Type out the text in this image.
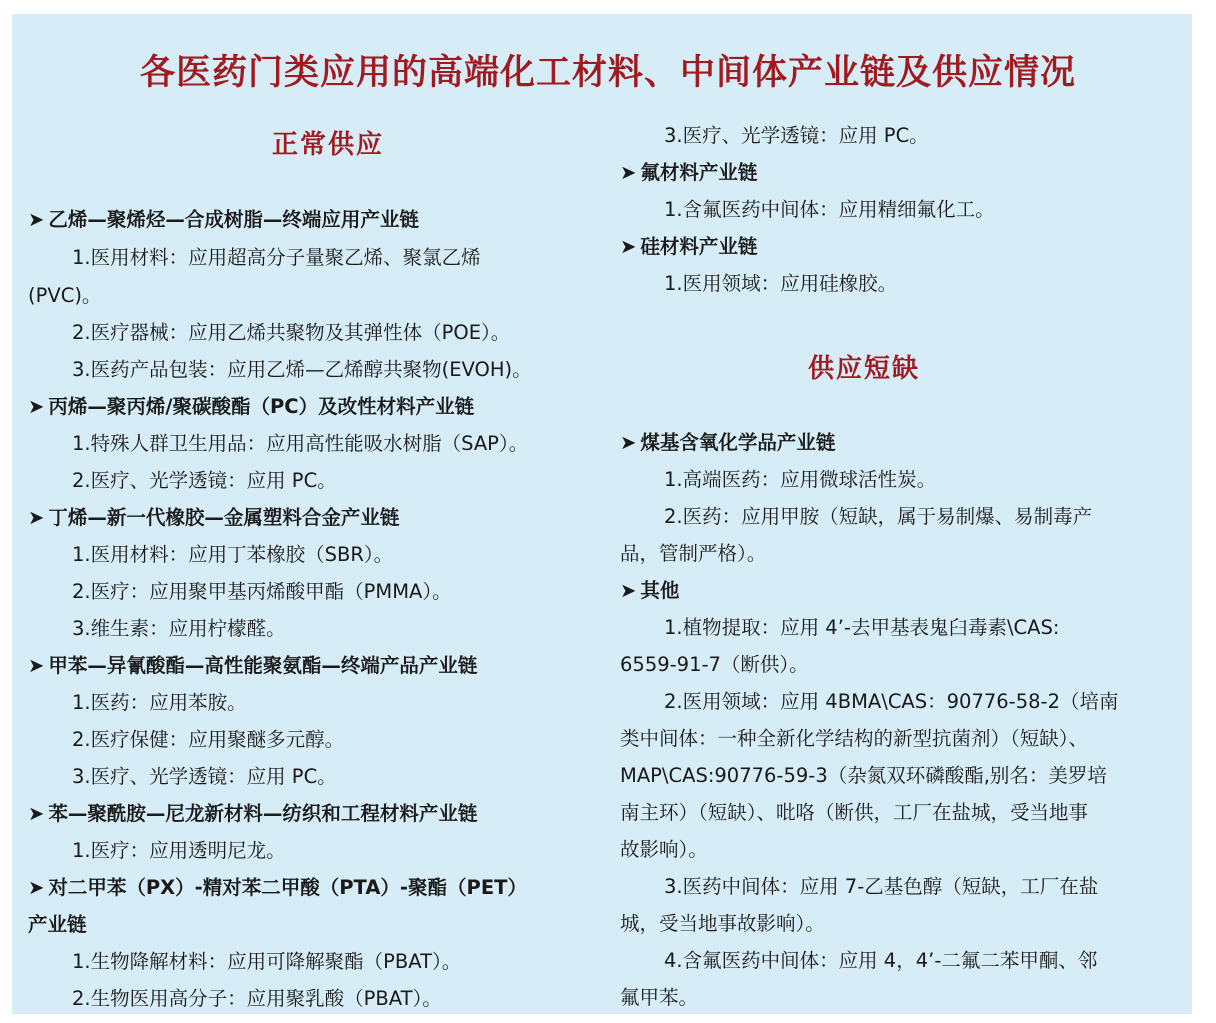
各医药门类应用的高端化工材料、中间体产业链及供应情况
正常供应
➤ 乙烯—聚烯烃—合成树脂—终端应用产业链
1.医用材料：应用超高分子量聚乙烯、聚氯乙烯
(PVC)。
2.医疗器械：应用乙烯共聚物及其弹性体（POE）。
3.医药产品包装：应用乙烯—乙烯醇共聚物(EVOH)。
➤ 丙烯—聚丙烯/聚碳酸酯（PC）及改性材料产业链
1.特殊人群卫生用品：应用高性能吸水树脂（SAP）。
2.医疗、光学透镜：应用 PC。
➤ 丁烯—新一代橡胶—金属塑料合金产业链
1.医用材料：应用丁苯橡胶（SBR）。
2.医疗：应用聚甲基丙烯酸甲酯（PMMA）。
3.维生素：应用柠檬醛。
➤ 甲苯—异氰酸酯—高性能聚氨酯—终端产品产业链
1.医药：应用苯胺。
2.医疗保健：应用聚醚多元醇。
3.医疗、光学透镜：应用 PC。
➤ 苯—聚酰胺—尼龙新材料—纺织和工程材料产业链
1.医疗：应用透明尼龙。
➤ 对二甲苯（PX）-精对苯二甲酸（PTA）-聚酯（PET）
产业链
1.生物降解材料：应用可降解聚酯（PBAT）。
2.生物医用高分子：应用聚乳酸（PBAT）。
3.医疗、光学透镜：应用 PC。
➤ 氟材料产业链
1.含氟医药中间体：应用精细氟化工。
➤ 硅材料产业链
1.医用领域：应用硅橡胶。
供应短缺
➤ 煤基含氧化学品产业链
1.高端医药：应用微球活性炭。
2.医药：应用甲胺（短缺，属于易制爆、易制毒产
品，管制严格）。
➤ 其他
1.植物提取：应用 4’-去甲基表鬼臼毒素\CAS:
6559-91-7（断供）。
2.医用领域：应用 4BMA\CAS：90776-58-2（培南
类中间体：一种全新化学结构的新型抗菌剂）（短缺）、
MAP\CAS:90776-59-3（杂氮双环磷酸酯,别名：美罗培
南主环）（短缺）、吡咯（断供，工厂在盐城，受当地事
故影响）。
3.医药中间体：应用 7-乙基色醇（短缺，工厂在盐
城，受当地事故影响）。
4.含氟医药中间体：应用 4，4’-二氟二苯甲酮、邻
氟甲苯。
